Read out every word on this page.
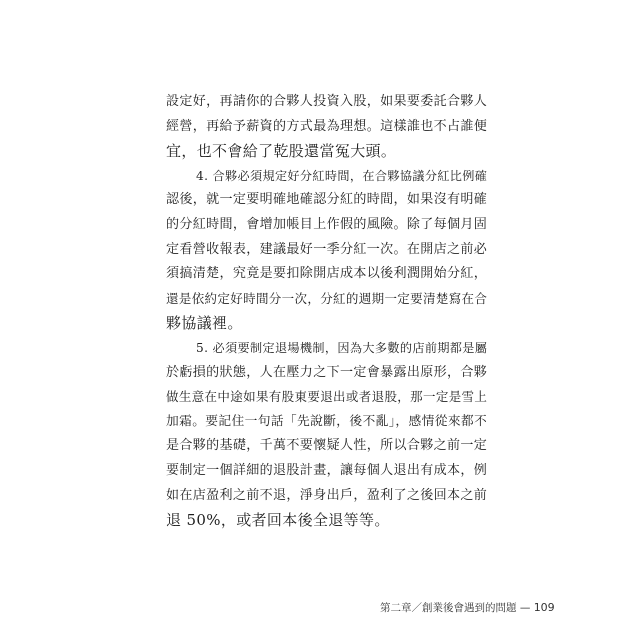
設定好，再請你的合夥人投資入股，如果要委託合夥人
經營，再給予薪資的方式最為理想。這樣誰也不占誰便
宜，也不會給了乾股還當冤大頭。
4. 合夥必須規定好分紅時間，在合夥協議分紅比例確
認後，就一定要明確地確認分紅的時間，如果沒有明確
的分紅時間，會增加帳目上作假的風險。除了每個月固
定看營收報表，建議最好一季分紅一次。在開店之前必
須搞清楚，究竟是要扣除開店成本以後利潤開始分紅，
還是依約定好時間分一次，分紅的週期一定要清楚寫在合
夥協議裡。
5. 必須要制定退場機制，因為大多數的店前期都是屬
於虧損的狀態，人在壓力之下一定會暴露出原形，合夥
做生意在中途如果有股東要退出或者退股，那一定是雪上
加霜。要記住一句話「先說斷，後不亂」，感情從來都不
是合夥的基礎，千萬不要懷疑人性，所以合夥之前一定
要制定一個詳細的退股計畫，讓每個人退出有成本，例
如在店盈利之前不退，淨身出戶，盈利了之後回本之前
退 50%，或者回本後全退等等。
第二章／創業後會遇到的問題 — 109
